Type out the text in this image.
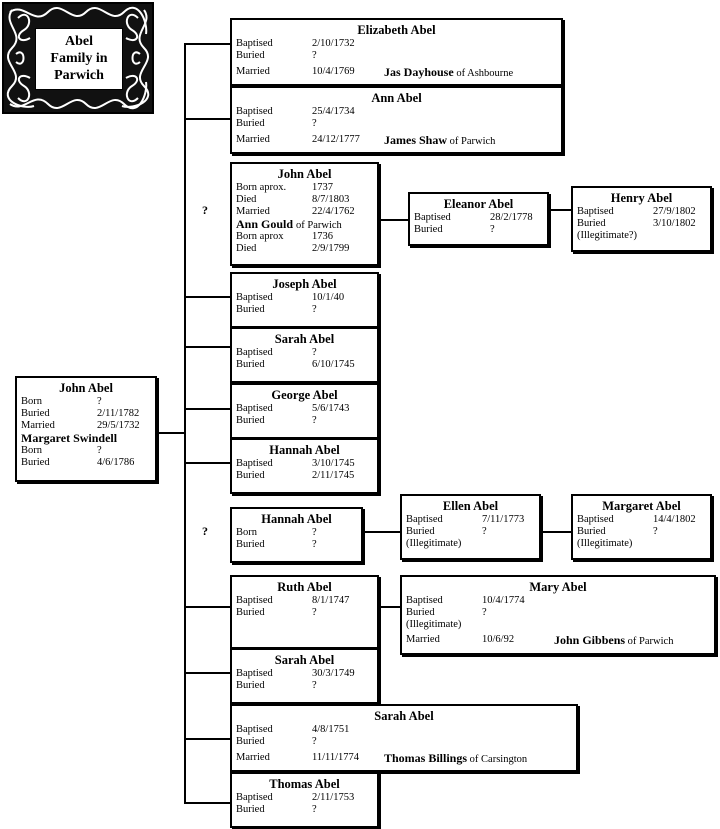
Abel
Family in
Parwich
?
?
John Abel
Born	?
Buried	2/11/1782
Married	29/5/1732
Margaret Swindell
Born	?
Buried	4/6/1786
Elizabeth Abel
Baptised	2/10/1732
Buried	?
Married	10/4/1769 Jas Dayhouse of Ashbourne
Ann Abel
Baptised	25/4/1734
Buried	?
Married	24/12/1777 James Shaw of Parwich
John Abel
Born aprox. 1737
Died	8/7/1803
Married	22/4/1762
Ann Gould of Parwich
Born aprox	1736
Died	2/9/1799
Eleanor Abel
Baptised	28/2/1778
Buried	?
Henry Abel
Baptised	27/9/1802
Buried	3/10/1802
(Illegitimate?)
Joseph Abel
Baptised	10/1/40
Buried	?
Sarah Abel
Baptised	?
Buried	6/10/1745
George Abel
Baptised	5/6/1743
Buried	?
Hannah Abel
Baptised	3/10/1745
Buried	2/11/1745
Hannah Abel
Born	?
Buried	?
Ellen Abel
Baptised	7/11/1773
Buried	?
(Illegitimate)
Margaret Abel
Baptised	14/4/1802
Buried	?
(Illegitimate)
Ruth Abel
Baptised	8/1/1747
Buried	?
Mary Abel
Baptised	10/4/1774
Buried	?
(Illegitimate)
Married	10/6/92	John Gibbens of Parwich
Sarah Abel
Baptised	30/3/1749
Buried	?
Sarah Abel
Baptised	4/8/1751
Buried	?
Married	11/11/1774 Thomas Billings of Carsington
Thomas Abel
Baptised	2/11/1753
Buried	?
